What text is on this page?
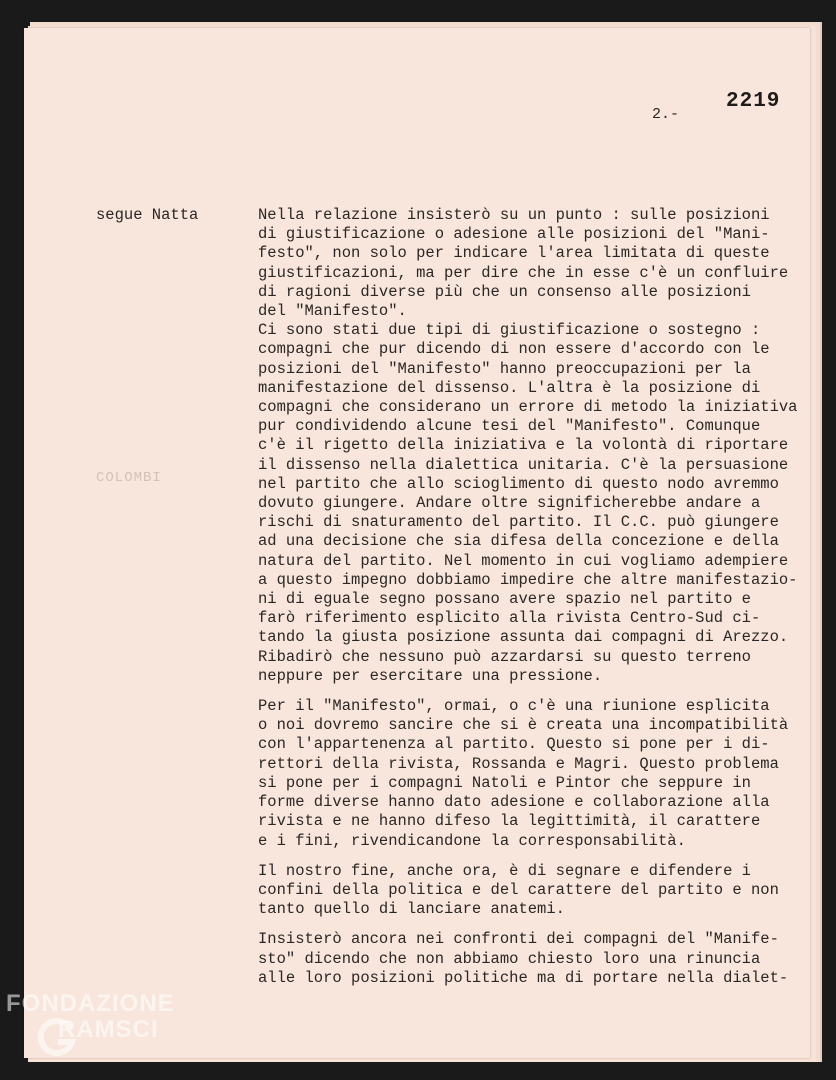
2.-
2219
segue Natta
COLOMBI
Nella relazione insisterò su un punto : sulle posizioni
di giustificazione o adesione alle posizioni del "Mani-
festo", non solo per indicare l'area limitata di queste
giustificazioni, ma per dire che in esse c'è un confluire
di ragioni diverse più che un consenso alle posizioni
del "Manifesto".
Ci sono stati due tipi di giustificazione o sostegno :
compagni che pur dicendo di non essere d'accordo con le
posizioni del "Manifesto" hanno preoccupazioni per la
manifestazione del dissenso. L'altra è la posizione di
compagni che considerano un errore di metodo la iniziativa
pur condividendo alcune tesi del "Manifesto". Comunque
c'è il rigetto della iniziativa e la volontà di riportare
il dissenso nella dialettica unitaria. C'è la persuasione
nel partito che allo scioglimento di questo nodo avremmo
dovuto giungere. Andare oltre significherebbe andare a
rischi di snaturamento del partito. Il C.C. può giungere
ad una decisione che sia difesa della concezione e della
natura del partito. Nel momento in cui vogliamo adempiere
a questo impegno dobbiamo impedire che altre manifestazio-
ni di eguale segno possano avere spazio nel partito e
farò riferimento esplicito alla rivista Centro-Sud ci-
tando la giusta posizione assunta dai compagni di Arezzo.
Ribadirò che nessuno può azzardarsi su questo terreno
neppure per esercitare una pressione.
Per il "Manifesto", ormai, o c'è una riunione esplicita
o noi dovremo sancire che si è creata una incompatibilità
con l'appartenenza al partito. Questo si pone per i di-
rettori della rivista, Rossanda e Magri. Questo problema
si pone per i compagni Natoli e Pintor che seppure in
forme diverse hanno dato adesione e collaborazione alla
rivista e ne hanno difeso la legittimità, il carattere
e i fini, rivendicandone la corresponsabilità.
Il nostro fine, anche ora, è di segnare e difendere i
confini della politica e del carattere del partito e non
tanto quello di lanciare anatemi.
Insisterò ancora nei confronti dei compagni del "Manife-
sto" dicendo che non abbiamo chiesto loro una rinuncia
alle loro posizioni politiche ma di portare nella dialet-
FONDAZIONE
RAMSCI
